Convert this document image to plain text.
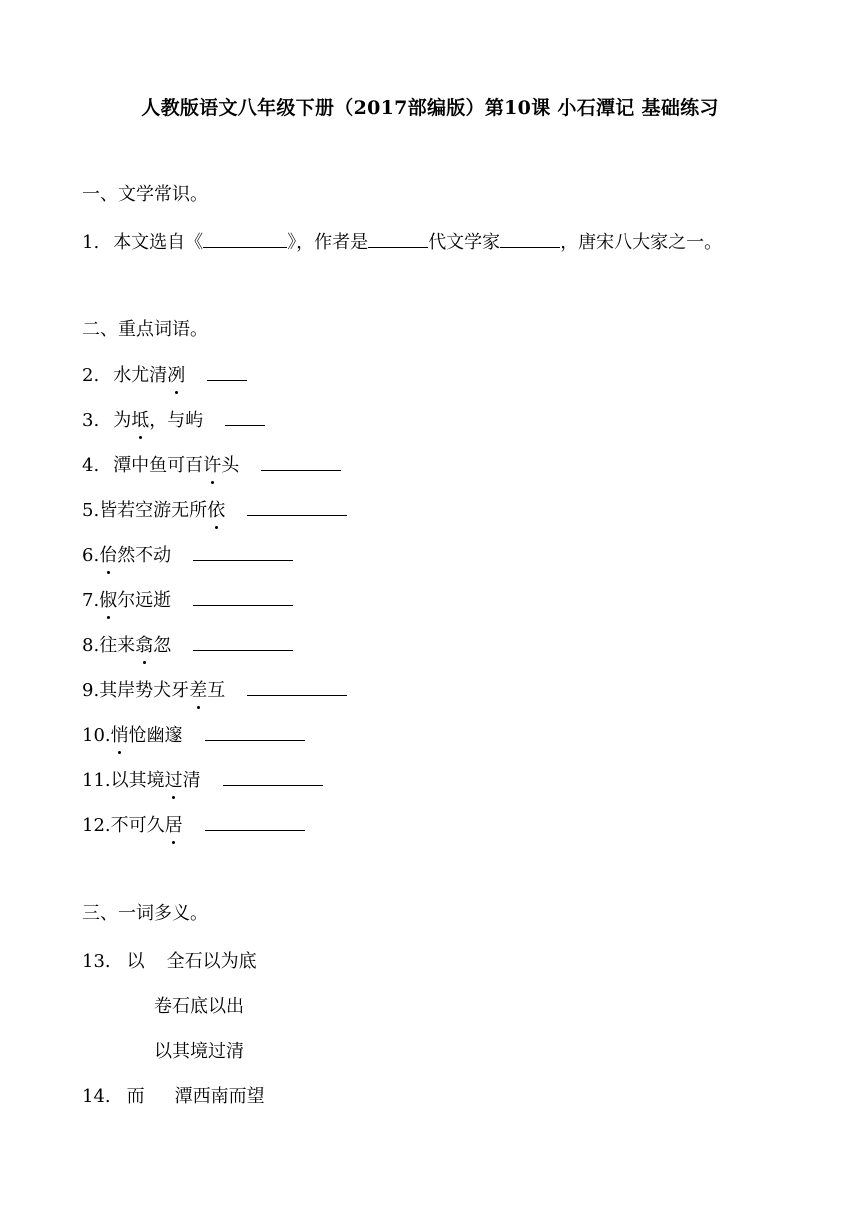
人教版语文八年级下册（2017部编版）第10课 小石潭记 基础练习
一、文学常识。
1. 本文选自《	》，作者是	代文学家	，唐宋八大家之一。
二、重点词语。
2. 水尤清冽
3. 为坻，与屿
4. 潭中鱼可百许头
5.皆若空游无所依
6.佁然不动
7.俶尔远逝
8.往来翕忽
9.其岸势犬牙差互
10.悄怆幽邃
11.以其境过清
12.不可久居
三、一词多义。
13. 以 全石以为底
卷石底以出
以其境过清
14. 而 潭西南而望
